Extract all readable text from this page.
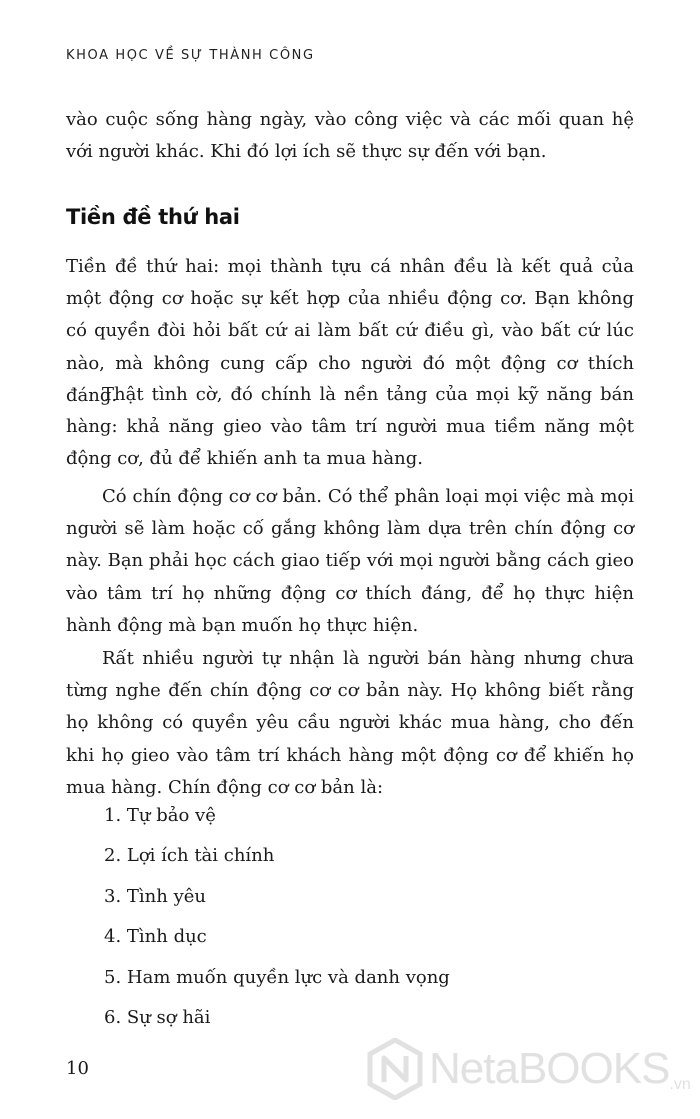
KHOA HỌC VỀ SỰ THÀNH CÔNG

vào cuộc sống hàng ngày, vào công việc và các mối quan hệ với người khác. Khi đó lợi ích sẽ thực sự đến với bạn.

Tiền đề thứ hai

Tiền đề thứ hai: mọi thành tựu cá nhân đều là kết quả của một động cơ hoặc sự kết hợp của nhiều động cơ. Bạn không có quyền đòi hỏi bất cứ ai làm bất cứ điều gì, vào bất cứ lúc nào, mà không cung cấp cho người đó một động cơ thích đáng.

Thật tình cờ, đó chính là nền tảng của mọi kỹ năng bán hàng: khả năng gieo vào tâm trí người mua tiềm năng một động cơ, đủ để khiến anh ta mua hàng.

Có chín động cơ cơ bản. Có thể phân loại mọi việc mà mọi người sẽ làm hoặc cố gắng không làm dựa trên chín động cơ này. Bạn phải học cách giao tiếp với mọi người bằng cách gieo vào tâm trí họ những động cơ thích đáng, để họ thực hiện hành động mà bạn muốn họ thực hiện.

Rất nhiều người tự nhận là người bán hàng nhưng chưa từng nghe đến chín động cơ cơ bản này. Họ không biết rằng họ không có quyền yêu cầu người khác mua hàng, cho đến khi họ gieo vào tâm trí khách hàng một động cơ để khiến họ mua hàng. Chín động cơ cơ bản là:

1. Tự bảo vệ
2. Lợi ích tài chính
3. Tình yêu
4. Tình dục
5. Ham muốn quyền lực và danh vọng
6. Sự sợ hãi
10	NetaBOOKS .vn
